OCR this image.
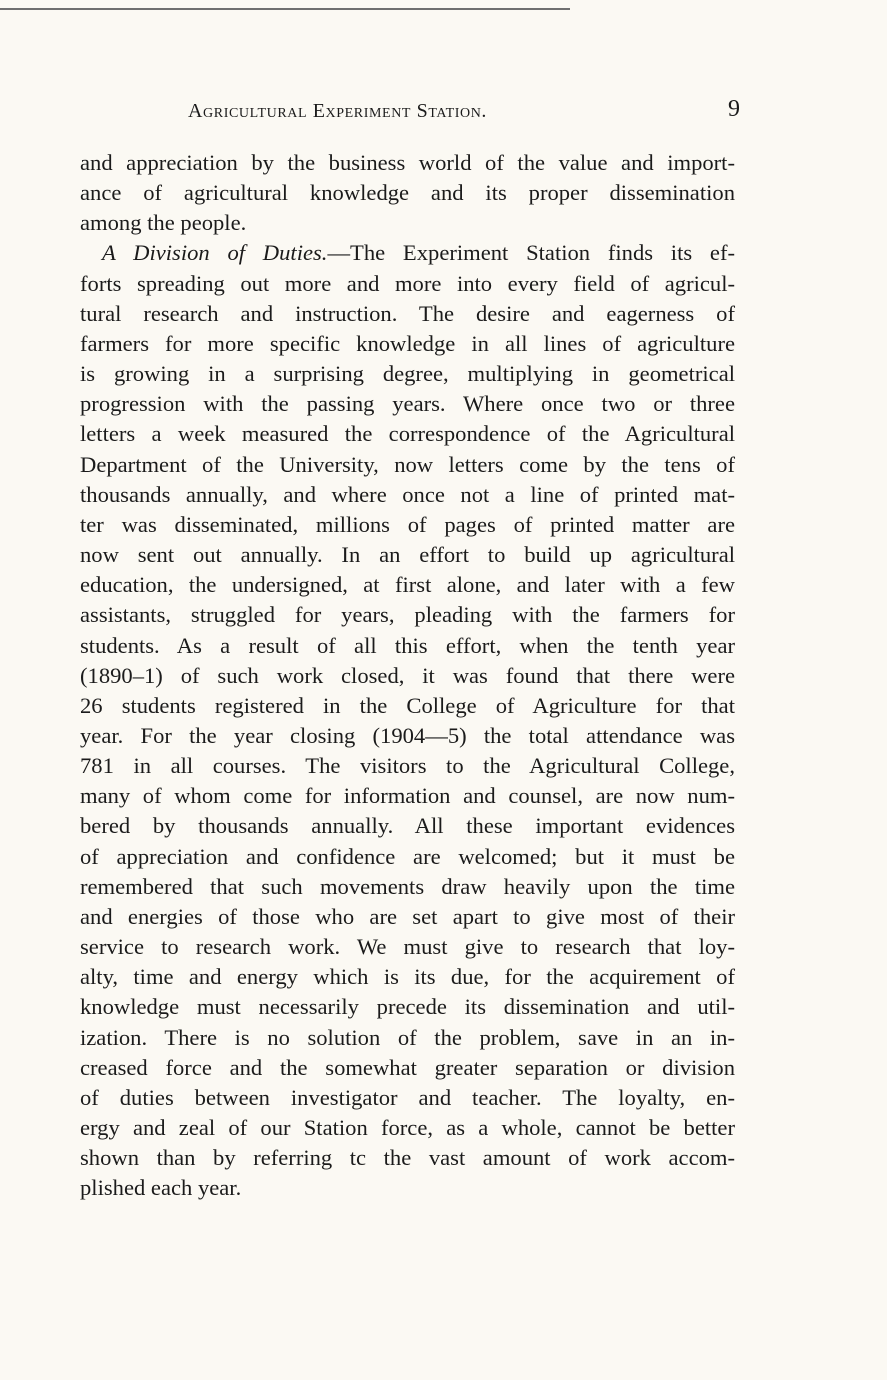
Agricultural Experiment Station.	9
and appreciation by the business world of the value and import-
ance of agricultural knowledge and its proper dissemination
among the people.
A Division of Duties.—The Experiment Station finds its ef-
forts spreading out more and more into every field of agricul-
tural research and instruction. The desire and eagerness of
farmers for more specific knowledge in all lines of agriculture
is growing in a surprising degree, multiplying in geometrical
progression with the passing years. Where once two or three
letters a week measured the correspondence of the Agricultural
Department of the University, now letters come by the tens of
thousands annually, and where once not a line of printed mat-
ter was disseminated, millions of pages of printed matter are
now sent out annually. In an effort to build up agricultural
education, the undersigned, at first alone, and later with a few
assistants, struggled for years, pleading with the farmers for
students. As a result of all this effort, when the tenth year
(1890–1) of such work closed, it was found that there were
26 students registered in the College of Agriculture for that
year. For the year closing (1904—5) the total attendance was
781 in all courses. The visitors to the Agricultural College,
many of whom come for information and counsel, are now num-
bered by thousands annually. All these important evidences
of appreciation and confidence are welcomed; but it must be
remembered that such movements draw heavily upon the time
and energies of those who are set apart to give most of their
service to research work. We must give to research that loy-
alty, time and energy which is its due, for the acquirement of
knowledge must necessarily precede its dissemination and util-
ization. There is no solution of the problem, save in an in-
creased force and the somewhat greater separation or division
of duties between investigator and teacher. The loyalty, en-
ergy and zeal of our Station force, as a whole, cannot be better
shown than by referring tc the vast amount of work accom-
plished each year.
